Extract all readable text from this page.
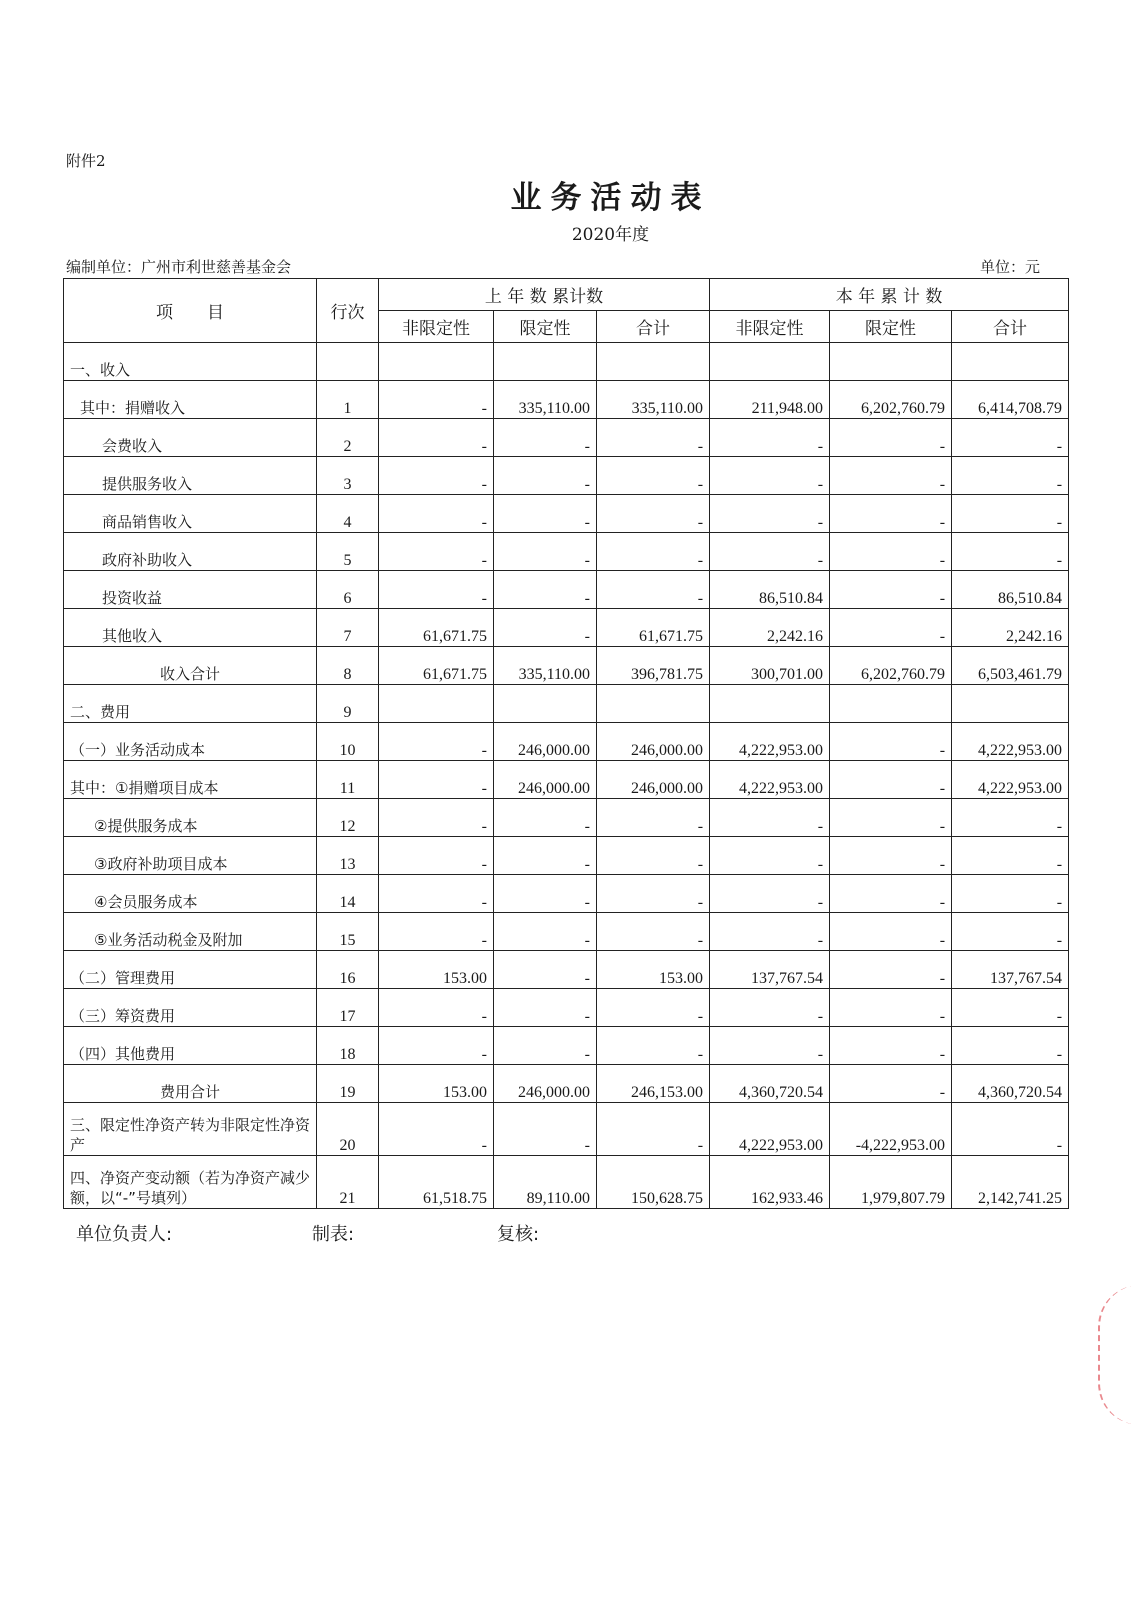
附件2
业务活动表
2020年度
编制单位：广州市利世慈善基金会	单位：元
项　　目	行次	上 年 数 累计数			本 年 累 计 数		
		非限定性	限定性	合计	非限定性	限定性	合计
一、收入							
其中：捐赠收入	1	-	335,110.00	335,110.00	211,948.00	6,202,760.79	6,414,708.79
会费收入	2	-	-	-	-	-	-
提供服务收入	3	-	-	-	-	-	-
商品销售收入	4	-	-	-	-	-	-
政府补助收入	5	-	-	-	-	-	-
投资收益	6	-	-	-	86,510.84	-	86,510.84
其他收入	7	61,671.75	-	61,671.75	2,242.16	-	2,242.16
收入合计	8	61,671.75	335,110.00	396,781.75	300,701.00	6,202,760.79	6,503,461.79
二、费用	9						
（一）业务活动成本	10	-	246,000.00	246,000.00	4,222,953.00	-	4,222,953.00
其中：①捐赠项目成本	11	-	246,000.00	246,000.00	4,222,953.00	-	4,222,953.00
②提供服务成本	12	-	-	-	-	-	-
③政府补助项目成本	13	-	-	-	-	-	-
④会员服务成本	14	-	-	-	-	-	-
⑤业务活动税金及附加	15	-	-	-	-	-	-
（二）管理费用	16	153.00	-	153.00	137,767.54	-	137,767.54
（三）筹资费用	17	-	-	-	-	-	-
（四）其他费用	18	-	-	-	-	-	-
费用合计	19	153.00	246,000.00	246,153.00	4,360,720.54	-	4,360,720.54
三、限定性净资产转为非限定性净资产	20	-	-	-	4,222,953.00	-4,222,953.00	-
四、净资产变动额（若为净资产减少额，以“-”号填列）	21	61,518.75	89,110.00	150,628.75	162,933.46	1,979,807.79	2,142,741.25
单位负责人:	制表:	复核:
